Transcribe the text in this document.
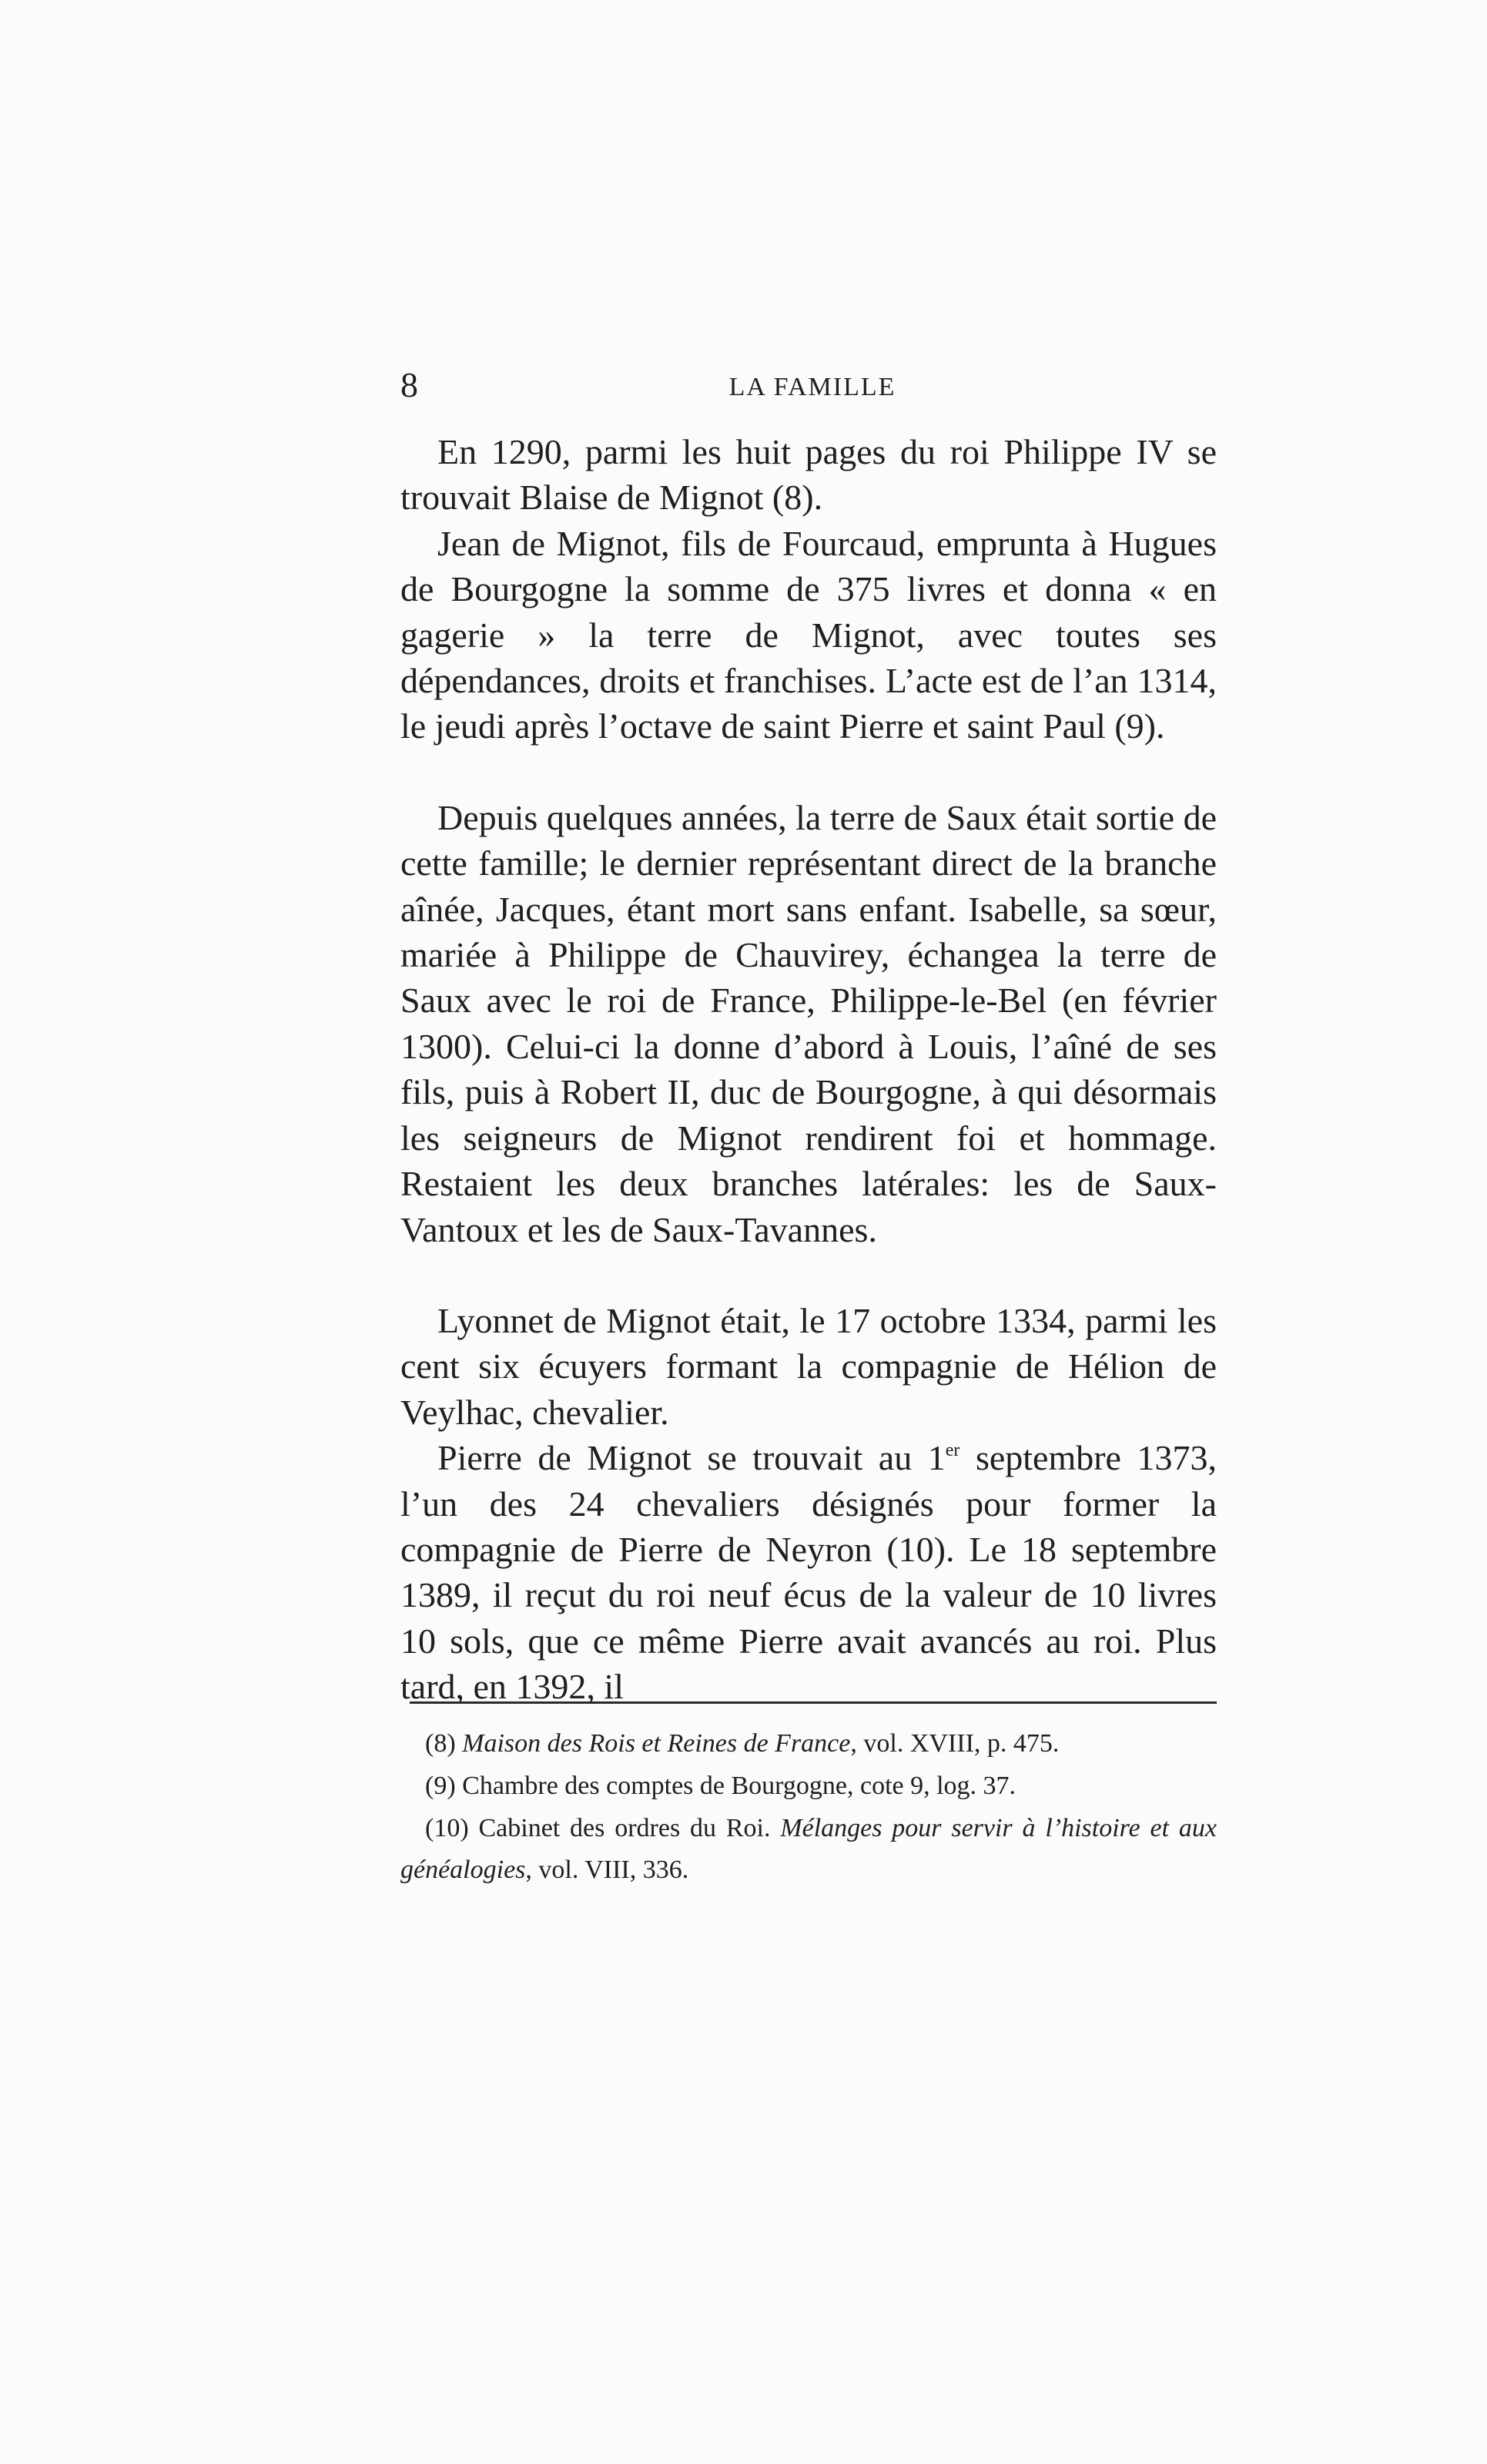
8	LA FAMILLE

En 1290, parmi les huit pages du roi Philippe IV se trouvait Blaise de Mignot (8).

Jean de Mignot, fils de Fourcaud, emprunta à Hugues de Bourgogne la somme de 375 livres et donna « en gagerie » la terre de Mignot, avec toutes ses dépendances, droits et franchises. L’acte est de l’an 1314, le jeudi après l’octave de saint Pierre et saint Paul (9).

Depuis quelques années, la terre de Saux était sortie de cette famille; le dernier représentant direct de la branche aînée, Jacques, étant mort sans enfant. Isabelle, sa sœur, mariée à Philippe de Chauvirey, échangea la terre de Saux avec le roi de France, Philippe-le-Bel (en février 1300). Celui-ci la donne d’abord à Louis, l’aîné de ses fils, puis à Robert II, duc de Bourgogne, à qui désormais les seigneurs de Mignot rendirent foi et hommage. Restaient les deux branches latérales: les de Saux-Vantoux et les de Saux-Tavannes.

Lyonnet de Mignot était, le 17 octobre 1334, parmi les cent six écuyers formant la compagnie de Hélion de Veylhac, chevalier.

Pierre de Mignot se trouvait au 1er septembre 1373, l’un des 24 chevaliers désignés pour former la compagnie de Pierre de Neyron (10). Le 18 septembre 1389, il reçut du roi neuf écus de la valeur de 10 livres 10 sols, que ce même Pierre avait avancés au roi. Plus tard, en 1392, il

(8) Maison des Rois et Reines de France, vol. XVIII, p. 475.

(9) Chambre des comptes de Bourgogne, cote 9, log. 37.

(10) Cabinet des ordres du Roi. Mélanges pour servir à l’histoire et aux généalogies, vol. VIII, 336.
